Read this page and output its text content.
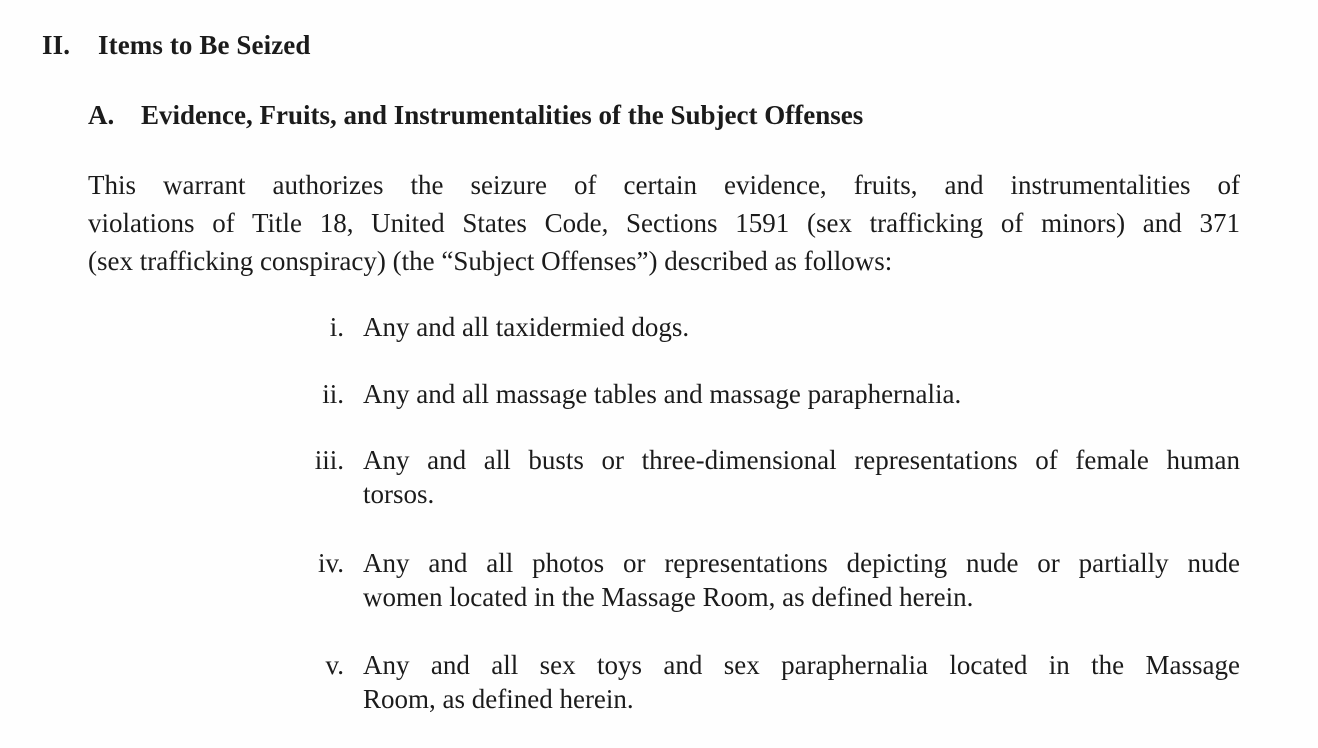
II. Items to Be Seized
A. Evidence, Fruits, and Instrumentalities of the Subject Offenses
This warrant authorizes the seizure of certain evidence, fruits, and instrumentalities of
violations of Title 18, United States Code, Sections 1591 (sex trafficking of minors) and 371
(sex trafficking conspiracy) (the “Subject Offenses”) described as follows:
i. Any and all taxidermied dogs.
ii. Any and all massage tables and massage paraphernalia.
iii. Any and all busts or three-dimensional representations of female human
torsos.
iv. Any and all photos or representations depicting nude or partially nude
women located in the Massage Room, as defined herein.
v. Any and all sex toys and sex paraphernalia located in the Massage
Room, as defined herein.
